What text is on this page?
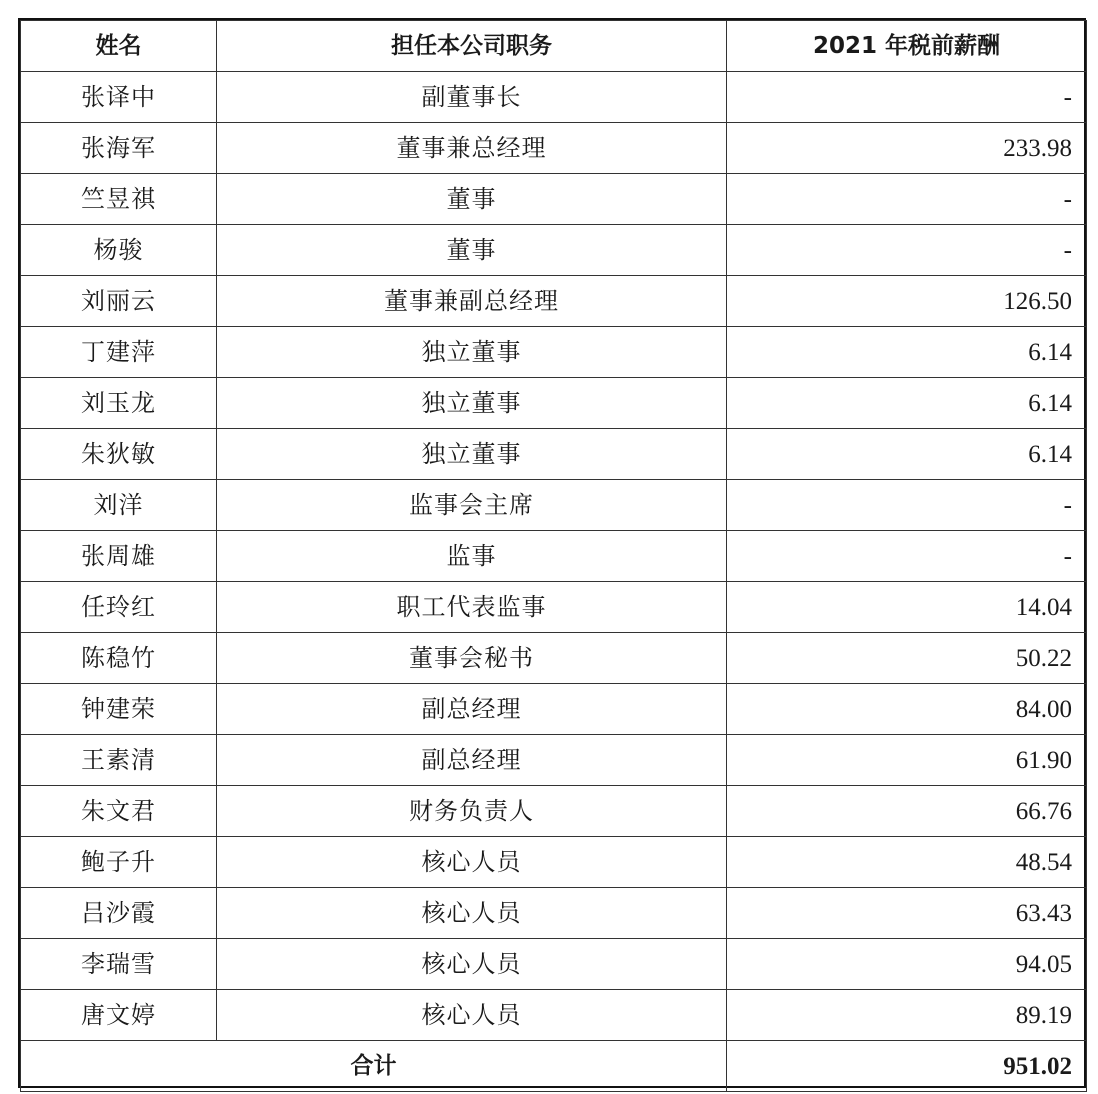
姓名	担任本公司职务	2021 年税前薪酬
张译中	副董事长	-
张海军	董事兼总经理	233.98
竺昱祺	董事	-
杨骏	董事	-
刘丽云	董事兼副总经理	126.50
丁建萍	独立董事	6.14
刘玉龙	独立董事	6.14
朱狄敏	独立董事	6.14
刘洋	监事会主席	-
张周雄	监事	-
任玲红	职工代表监事	14.04
陈稳竹	董事会秘书	50.22
钟建荣	副总经理	84.00
王素清	副总经理	61.90
朱文君	财务负责人	66.76
鲍子升	核心人员	48.54
吕沙霞	核心人员	63.43
李瑞雪	核心人员	94.05
唐文婷	核心人员	89.19
合计		951.02
